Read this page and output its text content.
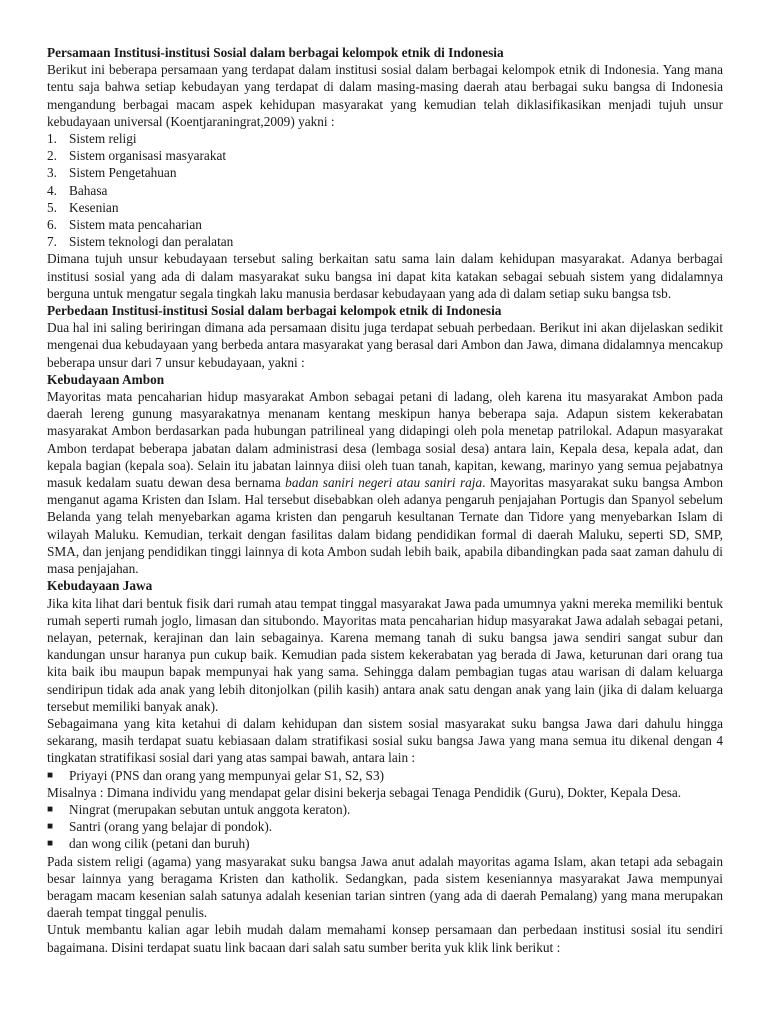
Persamaan Institusi-institusi Sosial dalam berbagai kelompok etnik di Indonesia

Berikut ini beberapa persamaan yang terdapat dalam institusi sosial dalam berbagai kelompok etnik di Indonesia. Yang mana tentu saja bahwa setiap kebudayan yang terdapat di dalam masing-masing daerah atau berbagai suku bangsa di Indonesia mengandung berbagai macam aspek kehidupan masyarakat yang kemudian telah diklasifikasikan menjadi tujuh unsur kebudayaan universal (Koentjaraningrat,2009) yakni :

1. Sistem religi
2. Sistem organisasi masyarakat
3. Sistem Pengetahuan
4. Bahasa
5. Kesenian
6. Sistem mata pencaharian
7. Sistem teknologi dan peralatan

Dimana tujuh unsur kebudayaan tersebut saling berkaitan satu sama lain dalam kehidupan masyarakat. Adanya berbagai institusi sosial yang ada di dalam masyarakat suku bangsa ini dapat kita katakan sebagai sebuah sistem yang didalamnya berguna untuk mengatur segala tingkah laku manusia berdasar kebudayaan yang ada di dalam setiap suku bangsa tsb.

Perbedaan Institusi-institusi Sosial dalam berbagai kelompok etnik di Indonesia

Dua hal ini saling beriringan dimana ada persamaan disitu juga terdapat sebuah perbedaan. Berikut ini akan dijelaskan sedikit mengenai dua kebudayaan yang berbeda antara masyarakat yang berasal dari Ambon dan Jawa, dimana didalamnya mencakup beberapa unsur dari 7 unsur kebudayaan, yakni :

Kebudayaan Ambon

Mayoritas mata pencaharian hidup masyarakat Ambon sebagai petani di ladang, oleh karena itu masyarakat Ambon pada daerah lereng gunung masyarakatnya menanam kentang meskipun hanya beberapa saja. Adapun sistem kekerabatan masyarakat Ambon berdasarkan pada hubungan patrilineal yang didapingi oleh pola menetap patrilokal. Adapun masyarakat Ambon terdapat beberapa jabatan dalam administrasi desa (lembaga sosial desa) antara lain, Kepala desa, kepala adat, dan kepala bagian (kepala soa). Selain itu jabatan lainnya diisi oleh tuan tanah, kapitan, kewang, marinyo yang semua pejabatnya masuk kedalam suatu dewan desa bernama badan saniri negeri atau saniri raja. Mayoritas masyarakat suku bangsa Ambon menganut agama Kristen dan Islam. Hal tersebut disebabkan oleh adanya pengaruh penjajahan Portugis dan Spanyol sebelum Belanda yang telah menyebarkan agama kristen dan pengaruh kesultanan Ternate dan Tidore yang menyebarkan Islam di wilayah Maluku. Kemudian, terkait dengan fasilitas dalam bidang pendidikan formal di daerah Maluku, seperti SD, SMP, SMA, dan jenjang pendidikan tinggi lainnya di kota Ambon sudah lebih baik, apabila dibandingkan pada saat zaman dahulu di masa penjajahan.

Kebudayaan Jawa

Jika kita lihat dari bentuk fisik dari rumah atau tempat tinggal masyarakat Jawa pada umumnya yakni mereka memiliki bentuk rumah seperti rumah joglo, limasan dan situbondo. Mayoritas mata pencaharian hidup masyarakat Jawa adalah sebagai petani, nelayan, peternak, kerajinan dan lain sebagainya. Karena memang tanah di suku bangsa jawa sendiri sangat subur dan kandungan unsur haranya pun cukup baik. Kemudian pada sistem kekerabatan yag berada di Jawa, keturunan dari orang tua kita baik ibu maupun bapak mempunyai hak yang sama. Sehingga dalam pembagian tugas atau warisan di dalam keluarga sendiripun tidak ada anak yang lebih ditonjolkan (pilih kasih) antara anak satu dengan anak yang lain (jika di dalam keluarga tersebut memiliki banyak anak).

Sebagaimana yang kita ketahui di dalam kehidupan dan sistem sosial masyarakat suku bangsa Jawa dari dahulu hingga sekarang, masih terdapat suatu kebiasaan dalam stratifikasi sosial suku bangsa Jawa yang mana semua itu dikenal dengan 4 tingkatan stratifikasi sosial dari yang atas sampai bawah, antara lain :

■	Priyayi (PNS dan orang yang mempunyai gelar S1, S2, S3)

Misalnya : Dimana individu yang mendapat gelar disini bekerja sebagai Tenaga Pendidik (Guru), Dokter, Kepala Desa.

■	Ningrat (merupakan sebutan untuk anggota keraton).
■	Santri (orang yang belajar di pondok).
■	dan wong cilik (petani dan buruh)

Pada sistem religi (agama) yang masyarakat suku bangsa Jawa anut adalah mayoritas agama Islam, akan tetapi ada sebagain besar lainnya yang beragama Kristen dan katholik. Sedangkan, pada sistem keseniannya masyarakat Jawa mempunyai beragam macam kesenian salah satunya adalah kesenian tarian sintren (yang ada di daerah Pemalang) yang mana merupakan daerah tempat tinggal penulis.

Untuk membantu kalian agar lebih mudah dalam memahami konsep persamaan dan perbedaan institusi sosial itu sendiri bagaimana. Disini terdapat suatu link bacaan dari salah satu sumber berita yuk klik link berikut :
